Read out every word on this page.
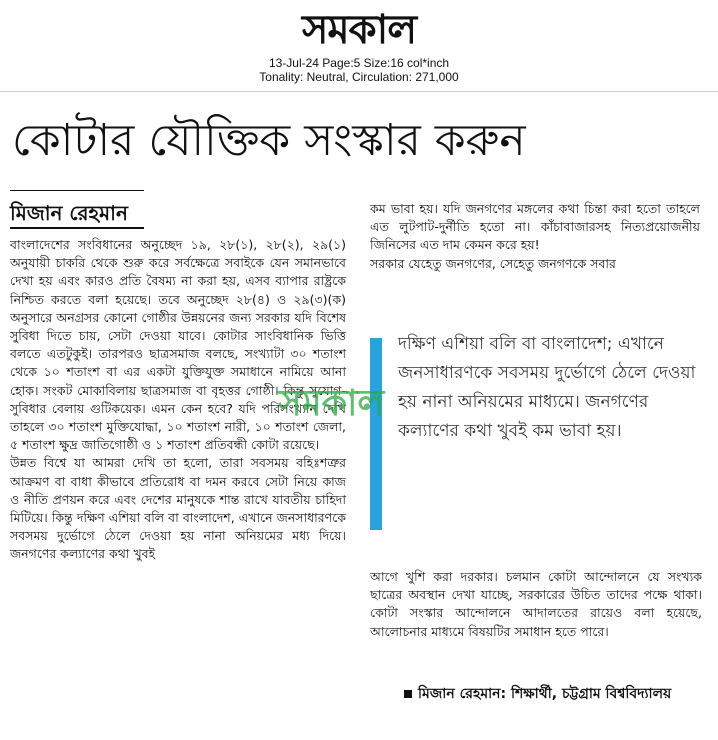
সমকাল
13-Jul-24 Page:5 Size:16 col*inch
Tonality: Neutral, Circulation: 271,000
কোটার যৌক্তিক সংস্কার করুন
মিজান রেহমান

বাংলাদেশের সংবিধানের অনুচ্ছেদ ১৯, ২৮(১), ২৮(২), ২৯(১) অনুযায়ী চাকরি থেকে শুরু করে সর্বক্ষেত্রে সবাইকে যেন সমানভাবে দেখা হয় এবং কারও প্রতি বৈষম্য না করা হয়, এসব ব্যাপার রাষ্ট্রকে নিশ্চিত করতে বলা হয়েছে। তবে অনুচ্ছেদ ২৮(৪) ও ২৯(৩)(ক) অনুসারে অনগ্রসর কোনো গোষ্ঠীর উন্নয়নের জন্য সরকার যদি বিশেষ সুবিধা দিতে চায়, সেটা দেওয়া যাবে। কোটার সাংবিধানিক ভিত্তি বলতে এতটুকুই। তারপরও ছাত্রসমাজ বলছে, সংখ্যাটা ৩০ শতাংশ থেকে ১০ শতাংশ বা এর একটা যুক্তিযুক্ত সমাধানে নামিয়ে আনা হোক। সংকট মোকাবিলায় ছাত্রসমাজ বা বৃহত্তর গোষ্ঠী। কিন্তু সুযোগ-সুবিধার বেলায় গুটিকয়েক। এমন কেন হবে? যদি পরিসংখ্যান দেখি তাহলে ৩০ শতাংশ মুক্তিযোদ্ধা, ১০ শতাংশ নারী, ১০ শতাংশ জেলা, ৫ শতাংশ ক্ষুদ্র জাতিগোষ্ঠী ও ১ শতাংশ প্রতিবন্ধী কোটা রয়েছে।

উন্নত বিশ্বে যা আমরা দেখি তা হলো, তারা সবসময় বহিঃশত্রুর আক্রমণ বা বাধা কীভাবে প্রতিরোধ বা দমন করবে সেটা নিয়ে কাজ ও নীতি প্রণয়ন করে এবং দেশের মানুষকে শান্ত রাখে যাবতীয় চাহিদা মিটিয়ে। কিন্তু দক্ষিণ এশিয়া বলি বা বাংলাদেশ, এখানে জনসাধারণকে সবসময় দুর্ভোগে ঠেলে দেওয়া হয় নানা অনিয়মের মধ্য দিয়ে। জনগণের কল্যাণের কথা খুবই

কম ভাবা হয়। যদি জনগণের মঙ্গলের কথা চিন্তা করা হতো তাহলে এত লুটপাট-দুর্নীতি হতো না। কাঁচাবাজারসহ নিত্যপ্রয়োজনীয় জিনিসের এত দাম কেমন করে হয়!

সরকার যেহেতু জনগণের, সেহেতু জনগণকে সবার

দক্ষিণ এশিয়া বলি বা বাংলাদেশ; এখানে জনসাধারণকে সবসময় দুর্ভোগে ঠেলে দেওয়া হয় নানা অনিয়মের মাধ্যমে। জনগণের কল্যাণের কথা খুবই কম ভাবা হয়।

আগে খুশি করা দরকার। চলমান কোটা আন্দোলনে যে সংখ্যক ছাত্রের অবস্থান দেখা যাচ্ছে, সরকারের উচিত তাদের পক্ষে থাকা। কোটা সংস্কার আন্দোলনে আদালতের রায়েও বলা হয়েছে, আলোচনার মাধ্যমে বিষয়টির সমাধান হতে পারে।

মিজান রেহমান: শিক্ষার্থী, চট্টগ্রাম বিশ্ববিদ্যালয়
সমকাল
